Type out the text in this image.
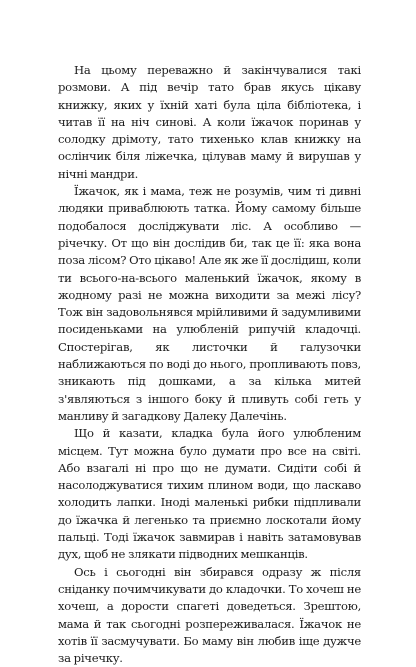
На цьому переважно й закінчувалися такі розмови. А під вечір тато брав якусь цікаву книжку, яких у їхній хаті була ціла бібліотека, і читав її на ніч синові. А коли їжачок поринав у солодку дрімоту, тато тихенько клав книжку на ослінчик біля ліжечка, цілував маму й вирушав у нічні мандри.

Їжачок, як і мама, теж не розумів, чим ті дивні людяки приваблюють татка. Йому самому більше подобалося досліджувати ліс. А особливо — річечку. От що він дослідив би, так це її: яка вона поза лісом? Ото цікаво! Але як же її дослідиш, коли ти всього-на-всього маленький їжачок, якому в жодному разі не можна виходити за межі лісу? Тож він задовольнявся мрійливими й задумливими посиденьками на улюбленій рипучій кладочці. Спостерігав, як листочки й галузочки наближаються по воді до нього, пропливають повз, зникають під дошками, а за кілька митей з'являються з іншого боку й пливуть собі геть у манливу й загадкову Далеку Далечінь.

Що й казати, кладка була його улюбленим місцем. Тут можна було думати про все на світі. Або взагалі ні про що не думати. Сидіти собі й насолоджуватися тихим плином води, що ласкаво холодить лапки. Іноді маленькі рибки підпливали до їжачка й легенько та приємно лоскотали йому пальці. Тоді їжачок завмирав і навіть затамовував дух, щоб не злякати підводних мешканців.

Ось і сьогодні він збирався одразу ж після сніданку почимчикувати до кладочки. То хочеш не хочеш, а дорости спагеті доведеться. Зрештою, мама й так сьогодні розпереживалася. Їжачок не хотів її засмучувати. Бо маму він любив іще дужче за річечку.
